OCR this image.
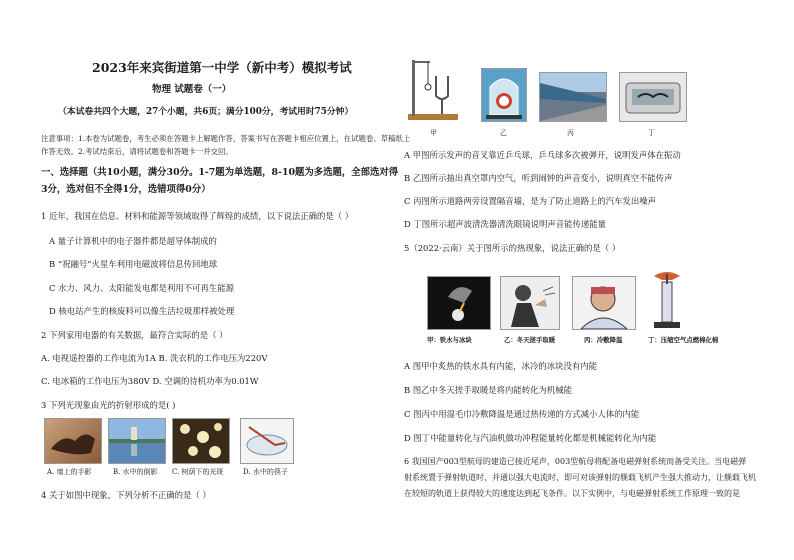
2023年来宾街道第一中学（新中考）模拟考试
物理 试题卷（一）
（本试卷共四个大题，27个小题，共6页；满分100分，考试用时75分钟）
注意事项：1.本卷为试题卷，考生必须在答题卡上解题作答，答案书写在答题卡相应位置上，在试题卷、草稿纸上
作答无效。2.考试结束后，请将试题卷和答题卡一并交回。
一、选择题（共10小题，满分30分。1-7题为单选题，8-10题为多选题，全部选对得
3分，选对但不全得1分，选错项得0分）
1 近年，我国在信息、材料和能源等领域取得了辉煌的成绩，以下说法正确的是（ ）
A 量子计算机中的电子器件都是超导体制成的
B “祝融号”火星车利用电磁波将信息传回地球
C 水力、风力、太阳能发电都是利用不可再生能源
D 核电站产生的核废料可以像生活垃圾那样被处理
2 下列家用电器的有关数据，最符合实际的是（ ）
A. 电视遥控器的工作电流为1A B. 洗衣机的工作电压为220V
C. 电冰箱的工作电压为380V D. 空调的待机功率为0.01W
3 下列光现象由光的折射形成的是( )
A. 墙上的手影	B. 水中的倒影 C. 树荫下的光斑	D. 水中的筷子
4 关于如图中现象，下列分析不正确的是（ ）
甲	乙	丙	丁
A 甲图所示发声的音叉靠近乒乓球，乒乓球多次被弹开，说明发声体在振动
B 乙图所示抽出真空罩内空气，听到闹钟的声音变小，说明真空不能传声
C 丙图所示道路两旁设置隔音墙，是为了防止道路上的汽车发出噪声
D 丁图所示超声波清洗器清洗眼镜说明声音能传递能量
5（2022·云南）关于图所示的热现象，说法正确的是（ ）
甲：铁水与冰块	乙：冬天搓手取暖	丙：冷敷降温	丁：压缩空气点燃棉化棉
A 图甲中炙热的铁水具有内能，冰冷的冰块没有内能
B 图乙中冬天搓手取暖是将内能转化为机械能
C 图丙中用湿毛巾冷敷降温是通过热传递的方式减小人体的内能
D 图丁中能量转化与汽油机做功冲程能量转化都是机械能转化为内能
6 我国国产003型航母的建造已接近尾声，003型航母将配备电磁弹射系统而备受关注。当电磁弹
射系统置于弹射轨道时，并通以强大电流时，即可对该弹射的舰载飞机产生强大推动力，让舰载飞机
在较短的轨道上获得较大的速度达到起飞条件。以下实例中，与电磁弹射系统工作原理一致的是
